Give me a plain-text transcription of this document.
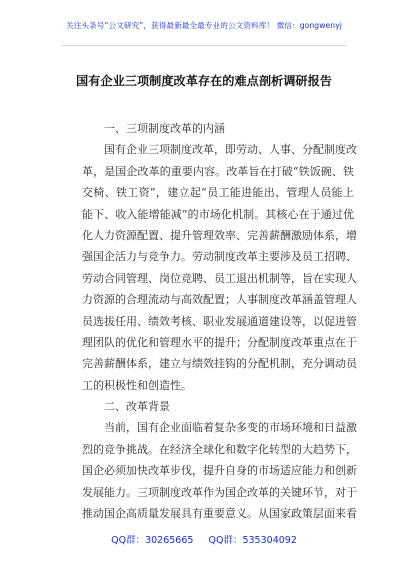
关注头条号“公文研究”，获得最新最全最专业的公文资料库！ 微信：gongwenyj
国有企业三项制度改革存在的难点剖析调研报告
一、三项制度改革的内涵
国有企业三项制度改革，即劳动、人事、分配制度改
革，是国企改革的重要内容。改革旨在打破“铁饭碗、铁
交椅、铁工资”，建立起“员工能进能出、管理人员能上
能下、收入能增能减”的市场化机制。其核心在于通过优
化人力资源配置、提升管理效率、完善薪酬激励体系，增
强国企活力与竞争力。劳动制度改革主要涉及员工招聘、
劳动合同管理、岗位竞聘、员工退出机制等，旨在实现人
力资源的合理流动与高效配置；人事制度改革涵盖管理人
员选拔任用、绩效考核、职业发展通道建设等，以促进管
理团队的优化和管理水平的提升；分配制度改革重点在于
完善薪酬体系，建立与绩效挂钩的分配机制，充分调动员
工的积极性和创造性。
二、改革背景
当前，国有企业面临着复杂多变的市场环境和日益激
烈的竞争挑战。在经济全球化和数字化转型的大趋势下，
国企必须加快改革步伐，提升自身的市场适应能力和创新
发展能力。三项制度改革作为国企改革的关键环节，对于
推动国企高质量发展具有重要意义。从国家政策层面来看
QQ群：30265665     QQ群：535304092
